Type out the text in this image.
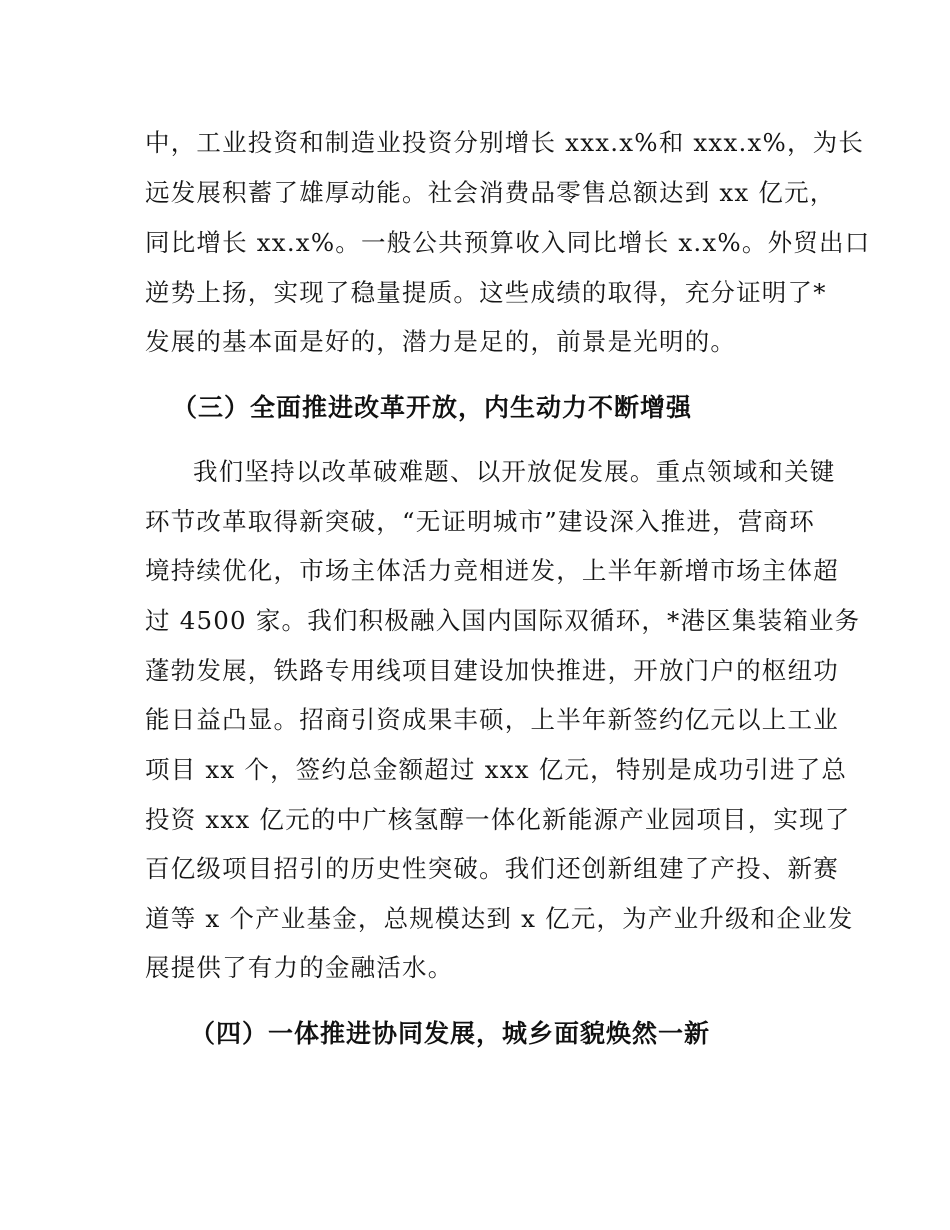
中，工业投资和制造业投资分别增长 xxx.x%和 xxx.x%，为长
远发展积蓄了雄厚动能。社会消费品零售总额达到 xx 亿元，
同比增长 xx.x%。一般公共预算收入同比增长 x.x%。外贸出口
逆势上扬，实现了稳量提质。这些成绩的取得，充分证明了*
发展的基本面是好的，潜力是足的，前景是光明的。
（三）全面推进改革开放，内生动力不断增强
我们坚持以改革破难题、以开放促发展。重点领域和关键
环节改革取得新突破，“无证明城市”建设深入推进，营商环
境持续优化，市场主体活力竞相迸发，上半年新增市场主体超
过 4500 家。我们积极融入国内国际双循环，*港区集装箱业务
蓬勃发展，铁路专用线项目建设加快推进，开放门户的枢纽功
能日益凸显。招商引资成果丰硕，上半年新签约亿元以上工业
项目 xx 个，签约总金额超过 xxx 亿元，特别是成功引进了总
投资 xxx 亿元的中广核氢醇一体化新能源产业园项目，实现了
百亿级项目招引的历史性突破。我们还创新组建了产投、新赛
道等 x 个产业基金，总规模达到 x 亿元，为产业升级和企业发
展提供了有力的金融活水。
（四）一体推进协同发展，城乡面貌焕然一新
